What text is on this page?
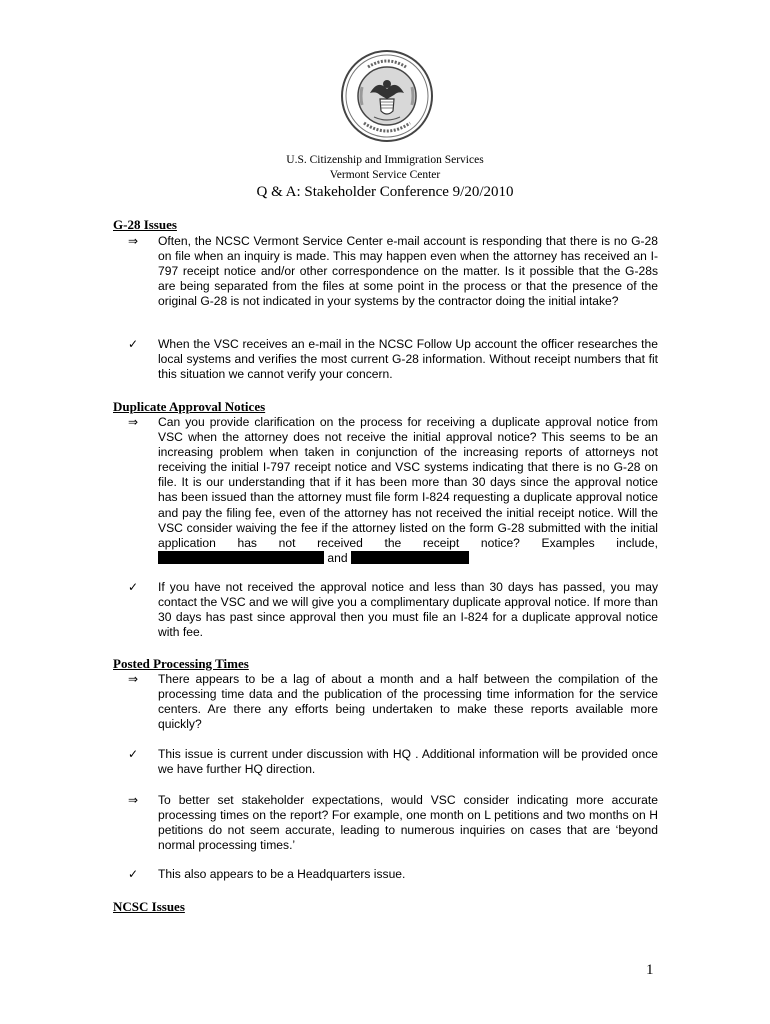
U.S. Citizenship and Immigration Services
Vermont Service Center
Q & A: Stakeholder Conference 9/20/2010
G-28 Issues
⇒	Often, the NCSC Vermont Service Center e-mail account is responding that there is no G-28 on file when an inquiry is made. This may happen even when the attorney has received an I-797 receipt notice and/or other correspondence on the matter. Is it possible that the G-28s are being separated from the files at some point in the process or that the presence of the original G-28 is not indicated in your systems by the contractor doing the initial intake?
✓	When the VSC receives an e-mail in the NCSC Follow Up account the officer researches the local systems and verifies the most current G-28 information. Without receipt numbers that fit this situation we cannot verify your concern.
Duplicate Approval Notices
⇒	Can you provide clarification on the process for receiving a duplicate approval notice from VSC when the attorney does not receive the initial approval notice? This seems to be an increasing problem when taken in conjunction of the increasing reports of attorneys not receiving the initial I-797 receipt notice and VSC systems indicating that there is no G-28 on file. It is our understanding that if it has been more than 30 days since the approval notice has been issued than the attorney must file form I-824 requesting a duplicate approval notice and pay the filing fee, even of the attorney has not received the initial receipt notice. Will the VSC consider waiving the fee if the attorney listed on the form G-28 submitted with the initial application has not received the receipt notice? Examples include,  and
✓	If you have not received the approval notice and less than 30 days has passed, you may contact the VSC and we will give you a complimentary duplicate approval notice. If more than 30 days has past since approval then you must file an I-824 for a duplicate approval notice with fee.
Posted Processing Times
⇒	There appears to be a lag of about a month and a half between the compilation of the processing time data and the publication of the processing time information for the service centers. Are there any efforts being undertaken to make these reports available more quickly?
✓	This issue is current under discussion with HQ . Additional information will be provided once we have further HQ direction.
⇒	To better set stakeholder expectations, would VSC consider indicating more accurate processing times on the report? For example, one month on L petitions and two months on H petitions do not seem accurate, leading to numerous inquiries on cases that are ‘beyond normal processing times.’
✓	This also appears to be a Headquarters issue.
NCSC Issues
1
